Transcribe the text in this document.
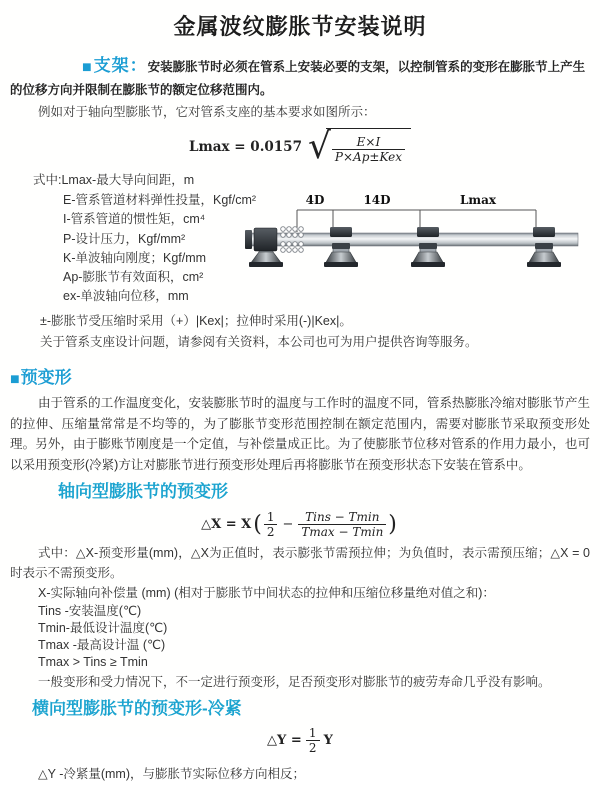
金属波纹膨胀节安装说明

■支架：安装膨胀节时必须在管系上安装必要的支架，以控制管系的变形在膨胀节上产生的位移方向并限制在膨胀节的额定位移范围内。

例如对于轴向型膨胀节，它对管系支座的基本要求如图所示：

Lmax = 0.0157 √ $\frac{E\times I}{\text{P×Ap±Kex}}$

式中:Lmax-最大导向间距，m

E-管系管道材料弹性投量，Kgf/cm²
I-管系管道的惯性矩，cm⁴
P-设计压力，Kgf/mm²
K-单波轴向刚度；Kgf/mm
Ap-膨胀节有效面积，cm²
ex-单波轴向位移，mm

±-膨胀节受压缩时采用（+）|Kex|；拉伸时采用(-)|Kex|。

关于管系支座设计问题，请参阅有关资料，本公司也可为用户提供咨询等服务。

4D	14D	Lmax

■预变形

由于管系的工作温度变化，安装膨胀节时的温度与工作时的温度不同，管系热膨胀冷缩对膨胀节产生的拉伸、压缩量常常是不均等的，为了膨胀节变形范围控制在额定范围内，需要对膨胀节采取预变形处理。另外，由于膨账节刚度是一个定值，与补偿量成正比。为了使膨胀节位移对管系的作用力最小，也可以采用预变形(冷紧)方让对膨胀节进行预变形处理后再将膨胀节在预变形状态下安装在管系中。

轴向型膨胀节的预变形

△X = X ( $\frac{1}{2} - \frac{\text{Tins − Tmin}}{Tmax - Tmin}$ )

式中：△X-预变形量(mm)，△X为正值时，表示膨张节需预拉伸；为负值时，表示需预压缩；△X = 0时表示不需预变形。

X-实际轴向补偿量 (mm) (相对于膨胀节中间状态的拉伸和压缩位移量绝对值之和)：

Tins -安装温度(℃)
Tmin-最低设计温度(℃)
Tmax -最高设计温 (℃)
Tmax > Tins ≥ Tmin

一般变形和受力情况下，不一定进行预变形，足否预变形对膨胀节的疲劳寿命几乎没有影响。

横向型膨胀节的预变形-冷紧

△Y =
$\frac{1}{2}$
Y

△Y -冷紧量(mm)，与膨胀节实际位移方向相反；
